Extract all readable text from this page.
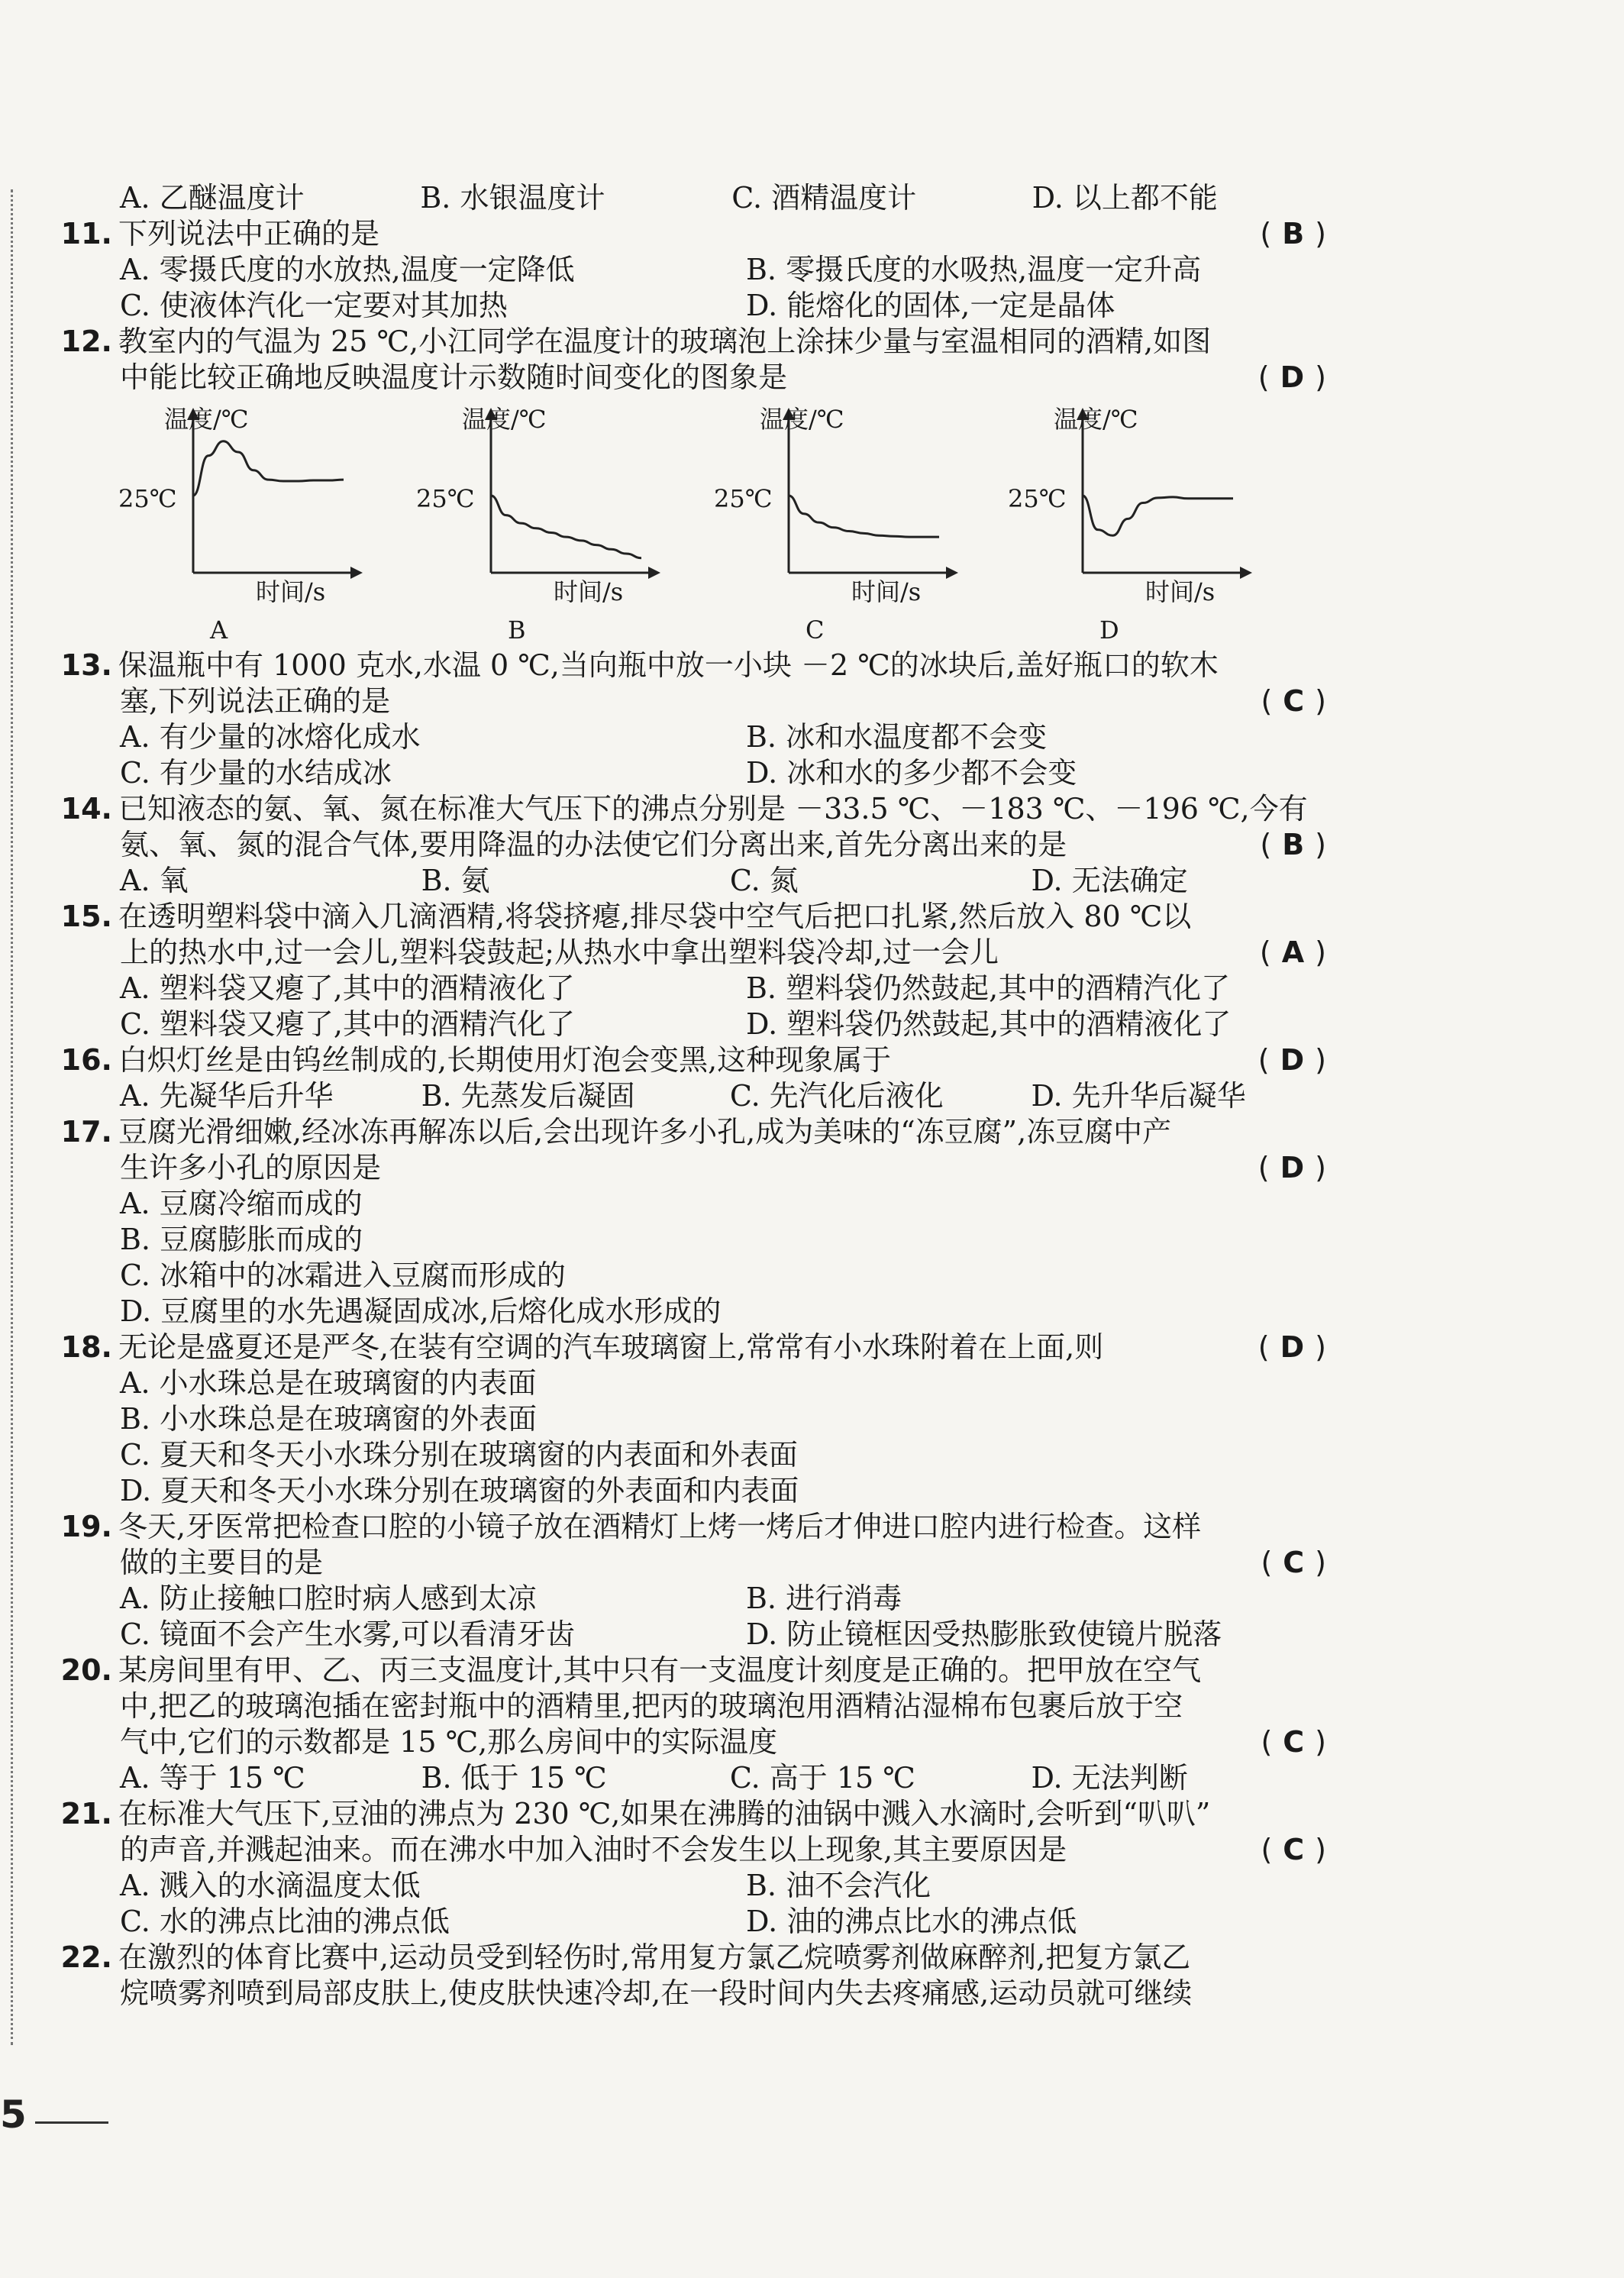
A. 乙醚温度计	B. 水银温度计	C. 酒精温度计	D. 以上都不能
11. 下列说法中正确的是	( B )
A. 零摄氏度的水放热,温度一定降低	B. 零摄氏度的水吸热,温度一定升高
C. 使液体汽化一定要对其加热	D. 能熔化的固体,一定是晶体
12. 教室内的气温为 25 ℃,小江同学在温度计的玻璃泡上涂抹少量与室温相同的酒精,如图
中能比较正确地反映温度计示数随时间变化的图象是	( D )
温度/℃
25℃
时间/s
A
温度/℃
25℃
时间/s
B
温度/℃
25℃
时间/s
C
温度/℃
25℃
时间/s
D
13. 保温瓶中有 1000 克水,水温 0 ℃,当向瓶中放一小块 －2 ℃的冰块后,盖好瓶口的软木
塞,下列说法正确的是	( C )
A. 有少量的冰熔化成水	B. 冰和水温度都不会变
C. 有少量的水结成冰	D. 冰和水的多少都不会变
14. 已知液态的氨、氧、氮在标准大气压下的沸点分别是 －33.5 ℃、－183 ℃、－196 ℃,今有
氨、氧、氮的混合气体,要用降温的办法使它们分离出来,首先分离出来的是	( B )
A. 氧	B. 氨	C. 氮	D. 无法确定
15. 在透明塑料袋中滴入几滴酒精,将袋挤瘪,排尽袋中空气后把口扎紧,然后放入 80 ℃以
上的热水中,过一会儿,塑料袋鼓起;从热水中拿出塑料袋冷却,过一会儿	( A )
A. 塑料袋又瘪了,其中的酒精液化了	B. 塑料袋仍然鼓起,其中的酒精汽化了
C. 塑料袋又瘪了,其中的酒精汽化了	D. 塑料袋仍然鼓起,其中的酒精液化了
16. 白炽灯丝是由钨丝制成的,长期使用灯泡会变黑,这种现象属于	( D )
A. 先凝华后升华	B. 先蒸发后凝固	C. 先汽化后液化	D. 先升华后凝华
17. 豆腐光滑细嫩,经冰冻再解冻以后,会出现许多小孔,成为美味的“冻豆腐”,冻豆腐中产
生许多小孔的原因是	( D )
A. 豆腐冷缩而成的
B. 豆腐膨胀而成的
C. 冰箱中的冰霜进入豆腐而形成的
D. 豆腐里的水先遇凝固成冰,后熔化成水形成的
18. 无论是盛夏还是严冬,在装有空调的汽车玻璃窗上,常常有小水珠附着在上面,则	( D )
A. 小水珠总是在玻璃窗的内表面
B. 小水珠总是在玻璃窗的外表面
C. 夏天和冬天小水珠分别在玻璃窗的内表面和外表面
D. 夏天和冬天小水珠分别在玻璃窗的外表面和内表面
19. 冬天,牙医常把检查口腔的小镜子放在酒精灯上烤一烤后才伸进口腔内进行检查。这样
做的主要目的是	( C )
A. 防止接触口腔时病人感到太凉	B. 进行消毒
C. 镜面不会产生水雾,可以看清牙齿	D. 防止镜框因受热膨胀致使镜片脱落
20. 某房间里有甲、乙、丙三支温度计,其中只有一支温度计刻度是正确的。把甲放在空气
中,把乙的玻璃泡插在密封瓶中的酒精里,把丙的玻璃泡用酒精沾湿棉布包裹后放于空
气中,它们的示数都是 15 ℃,那么房间中的实际温度	( C )
A. 等于 15 ℃	B. 低于 15 ℃	C. 高于 15 ℃	D. 无法判断
21. 在标准大气压下,豆油的沸点为 230 ℃,如果在沸腾的油锅中溅入水滴时,会听到“叭叭”
的声音,并溅起油来。而在沸水中加入油时不会发生以上现象,其主要原因是	( C )
A. 溅入的水滴温度太低	B. 油不会汽化
C. 水的沸点比油的沸点低	D. 油的沸点比水的沸点低
22. 在激烈的体育比赛中,运动员受到轻伤时,常用复方氯乙烷喷雾剂做麻醉剂,把复方氯乙
烷喷雾剂喷到局部皮肤上,使皮肤快速冷却,在一段时间内失去疼痛感,运动员就可继续
5
